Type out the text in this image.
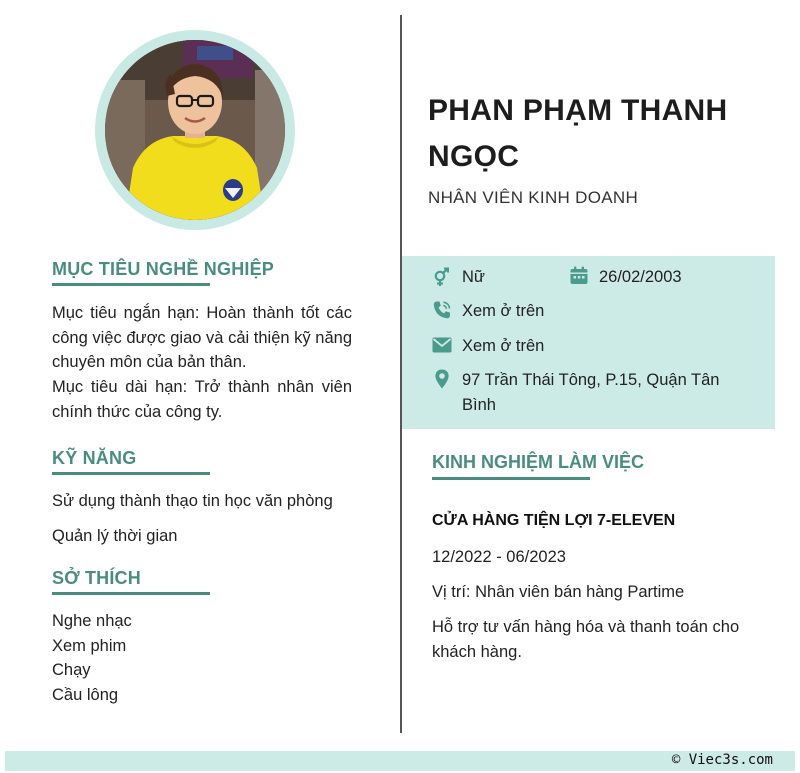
MỤC TIÊU NGHỀ NGHIỆP

Mục tiêu ngắn hạn: Hoàn thành tốt các công việc được giao và cải thiện kỹ năng chuyên môn của bản thân.

Mục tiêu dài hạn: Trở thành nhân viên chính thức của công ty.

KỸ NĂNG
Sử dụng thành thạo tin học văn phòng
Quản lý thời gian
SỞ THÍCH
Nghe nhạc
Xem phim
Chạy
Cầu lông
PHAN PHẠM THANH NGỌC
NHÂN VIÊN KINH DOANH
Nữ	26/02/2003
Xem ở trên
Xem ở trên
97 Trần Thái Tông, P.15, Quận Tân Bình
KINH NGHIỆM LÀM VIỆC
CỬA HÀNG TIỆN LỢI 7-ELEVEN
12/2022 - 06/2023
Vị trí: Nhân viên bán hàng Partime

Hỗ trợ tư vấn hàng hóa và thanh toán cho khách hàng.

© Viec3s.com
